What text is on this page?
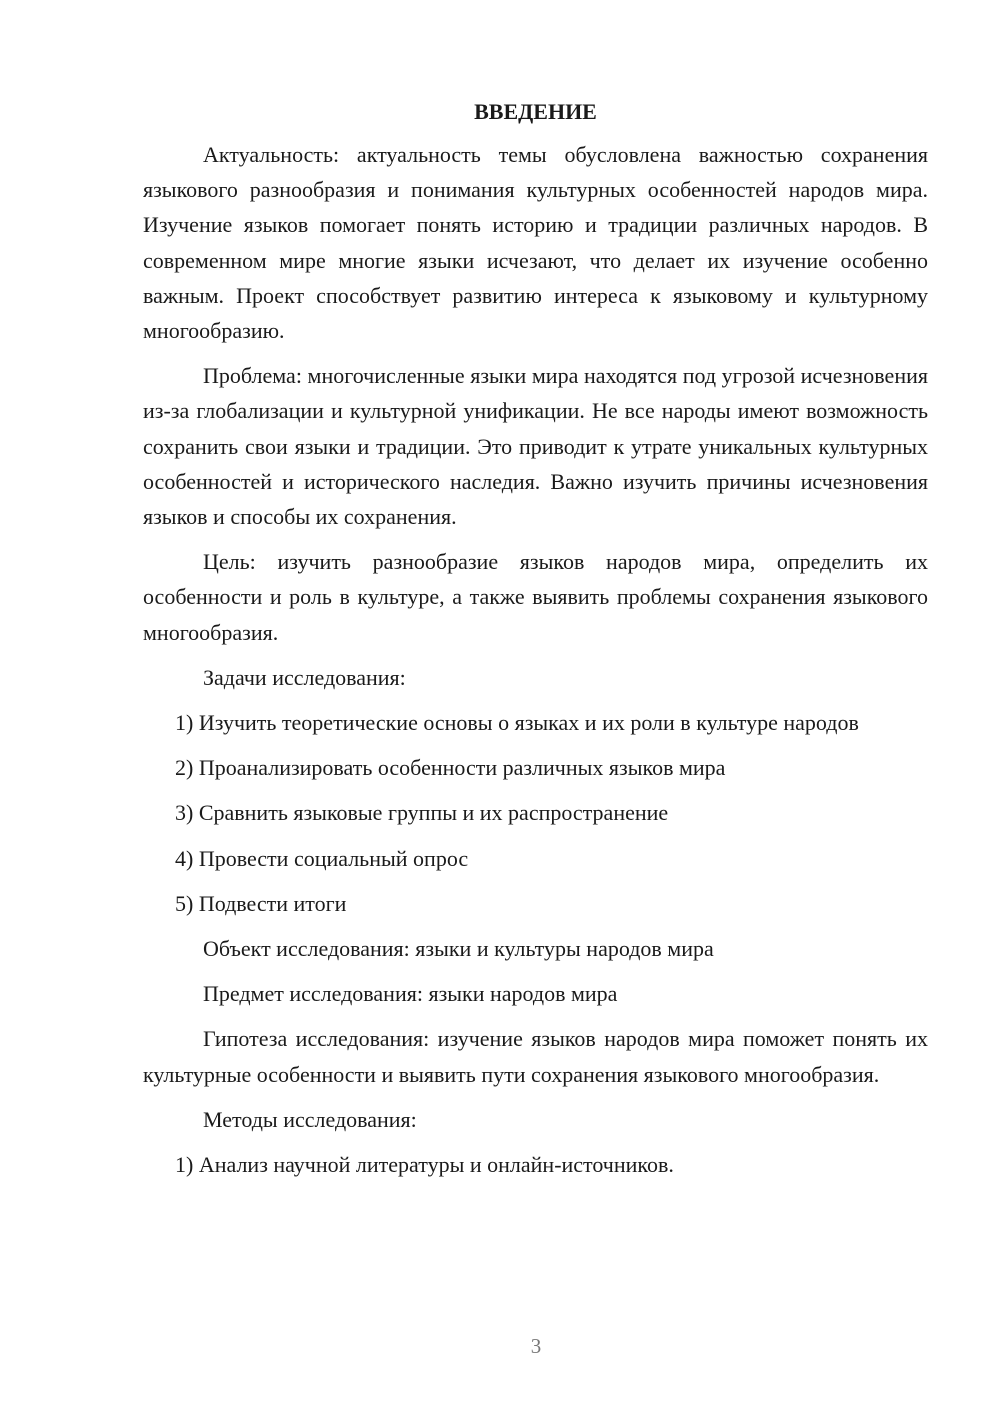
ВВЕДЕНИЕ

Актуальность: актуальность темы обусловлена важностью сохранения языкового разнообразия и понимания культурных особенностей народов мира. Изучение языков помогает понять историю и традиции различных народов. В современном мире многие языки исчезают, что делает их изучение особенно важным. Проект способствует развитию интереса к языковому и культурному многообразию.

Проблема: многочисленные языки мира находятся под угрозой исчезновения из-за глобализации и культурной унификации. Не все народы имеют возможность сохранить свои языки и традиции. Это приводит к утрате уникальных культурных особенностей и исторического наследия. Важно изучить причины исчезновения языков и способы их сохранения.

Цель: изучить разнообразие языков народов мира, определить их особенности и роль в культуре, а также выявить проблемы сохранения языкового многообразия.

Задачи исследования:

1) Изучить теоретические основы о языках и их роли в культуре народов

2) Проанализировать особенности различных языков мира

3) Сравнить языковые группы и их распространение

4) Провести социальный опрос

5) Подвести итоги

Объект исследования: языки и культуры народов мира

Предмет исследования: языки народов мира

Гипотеза исследования: изучение языков народов мира поможет понять их культурные особенности и выявить пути сохранения языкового многообразия.

Методы исследования:

1) Анализ научной литературы и онлайн-источников.

3
